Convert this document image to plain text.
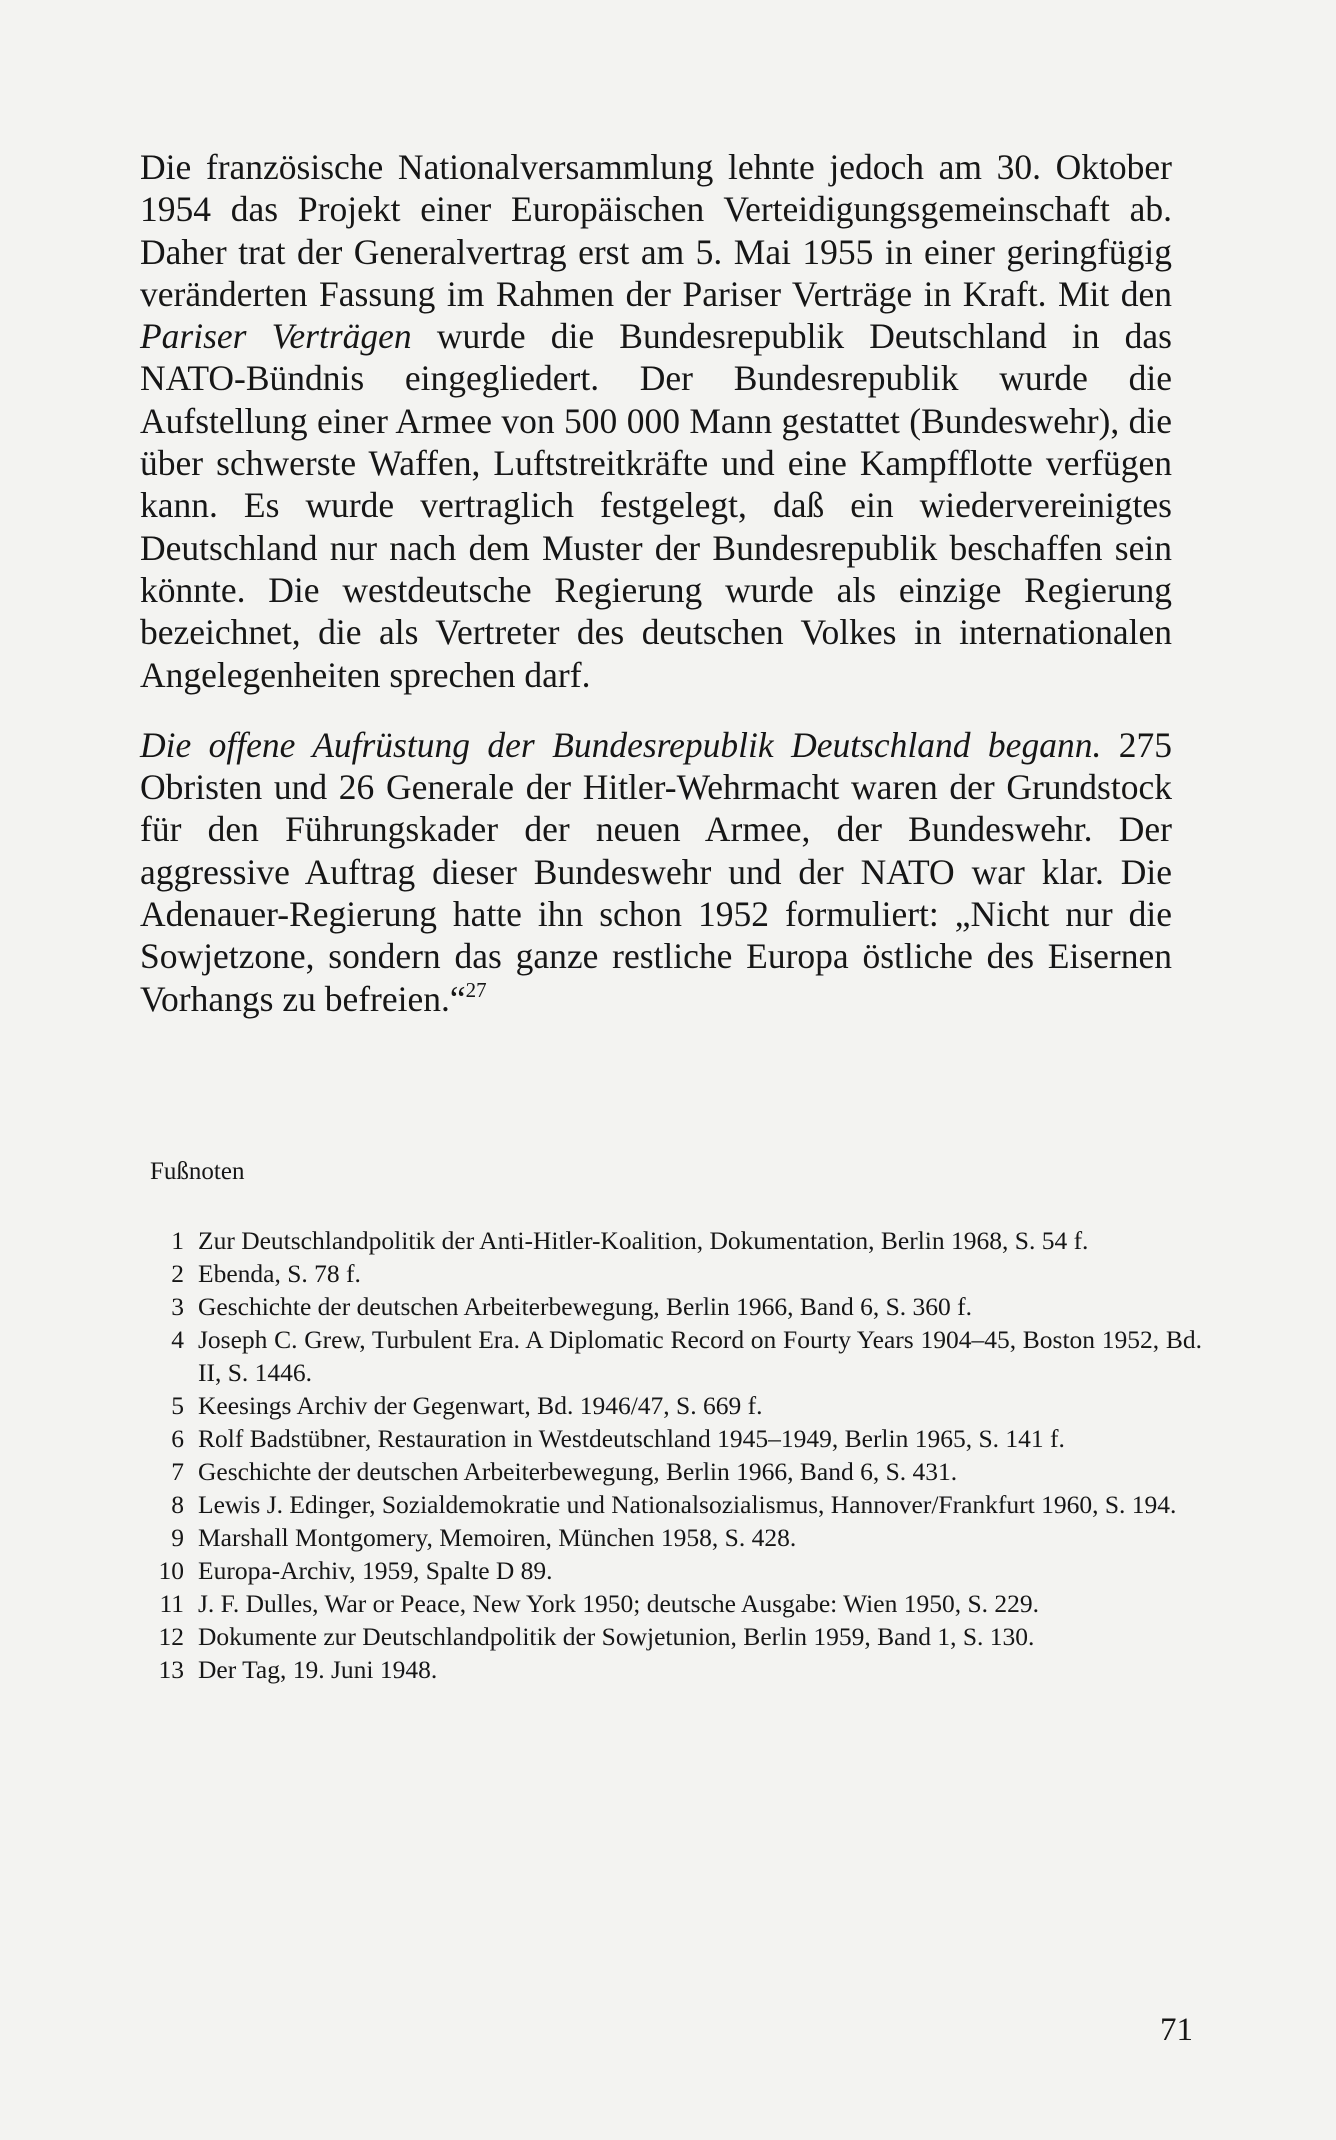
Die französische Nationalversammlung lehnte jedoch am 30. Oktober 1954 das Projekt einer Europäischen Verteidigungsgemeinschaft ab. Daher trat der Generalvertrag erst am 5. Mai 1955 in einer geringfügig veränderten Fassung im Rahmen der Pariser Verträge in Kraft. Mit den Pariser Verträgen wurde die Bundesrepublik Deutschland in das NATO-Bündnis eingegliedert. Der Bundesrepublik wurde die Aufstellung einer Armee von 500 000 Mann gestattet (Bundeswehr), die über schwerste Waffen, Luftstreitkräfte und eine Kampfflotte verfügen kann. Es wurde vertraglich festgelegt, daß ein wiedervereinigtes Deutschland nur nach dem Muster der Bundesrepublik beschaffen sein könnte. Die westdeutsche Regierung wurde als einzige Regierung bezeichnet, die als Vertreter des deutschen Volkes in internationalen Angelegenheiten sprechen darf.

Die offene Aufrüstung der Bundesrepublik Deutschland begann. 275 Obristen und 26 Generale der Hitler-Wehrmacht waren der Grundstock für den Führungskader der neuen Armee, der Bundeswehr. Der aggressive Auftrag dieser Bundeswehr und der NATO war klar. Die Adenauer-Regierung hatte ihn schon 1952 formuliert: „Nicht nur die Sowjetzone, sondern das ganze restliche Europa östliche des Eisernen Vorhangs zu befreien.“$^{27}$

Fußnoten

1 Zur Deutschlandpolitik der Anti-Hitler-Koalition, Dokumentation, Berlin 1968, S. 54 f.
2 Ebenda, S. 78 f.
3 Geschichte der deutschen Arbeiterbewegung, Berlin 1966, Band 6, S. 360 f.
4 Joseph C. Grew, Turbulent Era. A Diplomatic Record on Fourty Years 1904–45, Boston 1952, Bd. II, S. 1446.
5 Keesings Archiv der Gegenwart, Bd. 1946/47, S. 669 f.
6 Rolf Badstübner, Restauration in Westdeutschland 1945–1949, Berlin 1965, S. 141 f.
7 Geschichte der deutschen Arbeiterbewegung, Berlin 1966, Band 6, S. 431.
8 Lewis J. Edinger, Sozialdemokratie und Nationalsozialismus, Hannover/Frankfurt 1960, S. 194.
9 Marshall Montgomery, Memoiren, München 1958, S. 428.
10 Europa-Archiv, 1959, Spalte D 89.
11 J. F. Dulles, War or Peace, New York 1950; deutsche Ausgabe: Wien 1950, S. 229.
12 Dokumente zur Deutschlandpolitik der Sowjetunion, Berlin 1959, Band 1, S. 130.
13 Der Tag, 19. Juni 1948.
71
